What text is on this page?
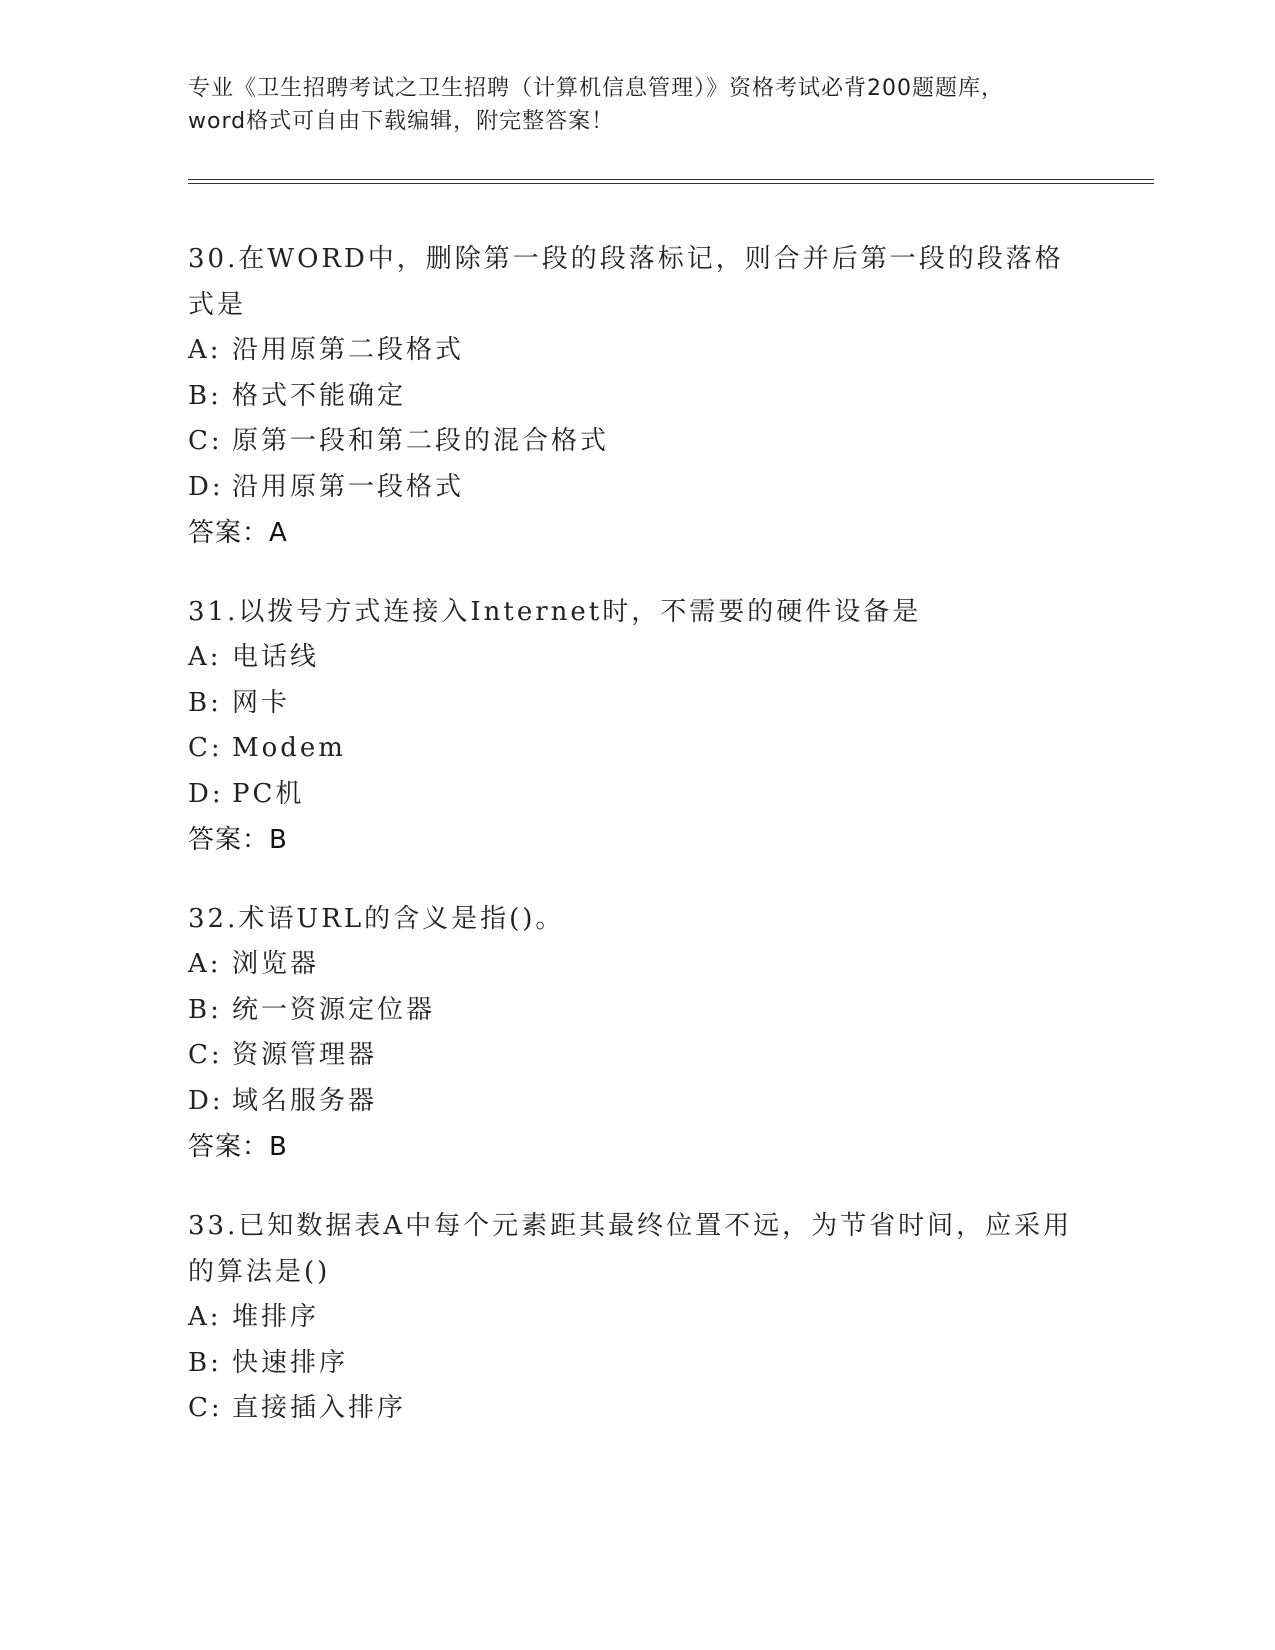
专业《卫生招聘考试之卫生招聘（计算机信息管理）》资格考试必背200题题库，
word格式可自由下载编辑，附完整答案！

30.在WORD中，删除第一段的段落标记，则合并后第一段的段落格式是

A: 沿用原第二段格式
B: 格式不能确定
C: 原第一段和第二段的混合格式
D: 沿用原第一段格式
答案：A

31.以拨号方式连接入Internet时，不需要的硬件设备是

A: 电话线
B: 网卡
C: Modem
D: PC机
答案：B

32.术语URL的含义是指()。

A: 浏览器
B: 统一资源定位器
C: 资源管理器
D: 域名服务器
答案：B

33.已知数据表A中每个元素距其最终位置不远，为节省时间，应采用的算法是()

A: 堆排序
B: 快速排序
C: 直接插入排序
